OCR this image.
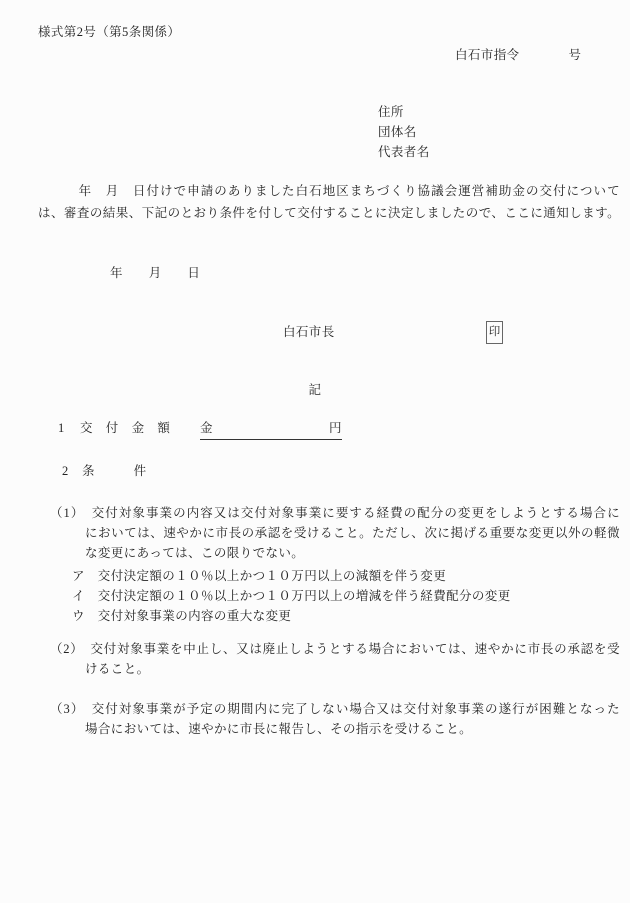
様式第2号（第5条関係）
白石市指令	号
住所
団体名
代表者名
　　　年　月　日付けで申請のありました白石地区まちづくり協議会運営補助金の交付について
は、審査の結果、下記のとおり条件を付して交付することに決定しましたので、ここに通知します。
年　　月　　日
白石市長	印
記
1 交　付　金　額 金　　　　　　　　　円
2 条　　　件
（1）　交付対象事業の内容又は交付対象事業に要する経費の配分の変更をしようとする場合に
においては、速やかに市長の承認を受けること。ただし、次に掲げる重要な変更以外の軽微
な変更にあっては、この限りでない。
ア　交付決定額の１０％以上かつ１０万円以上の減額を伴う変更
イ　交付決定額の１０％以上かつ１０万円以上の増減を伴う経費配分の変更
ウ　交付対象事業の内容の重大な変更
（2）　交付対象事業を中止し、又は廃止しようとする場合においては、速やかに市長の承認を受
けること。
（3）　交付対象事業が予定の期間内に完了しない場合又は交付対象事業の遂行が困難となった
場合においては、速やかに市長に報告し、その指示を受けること。
